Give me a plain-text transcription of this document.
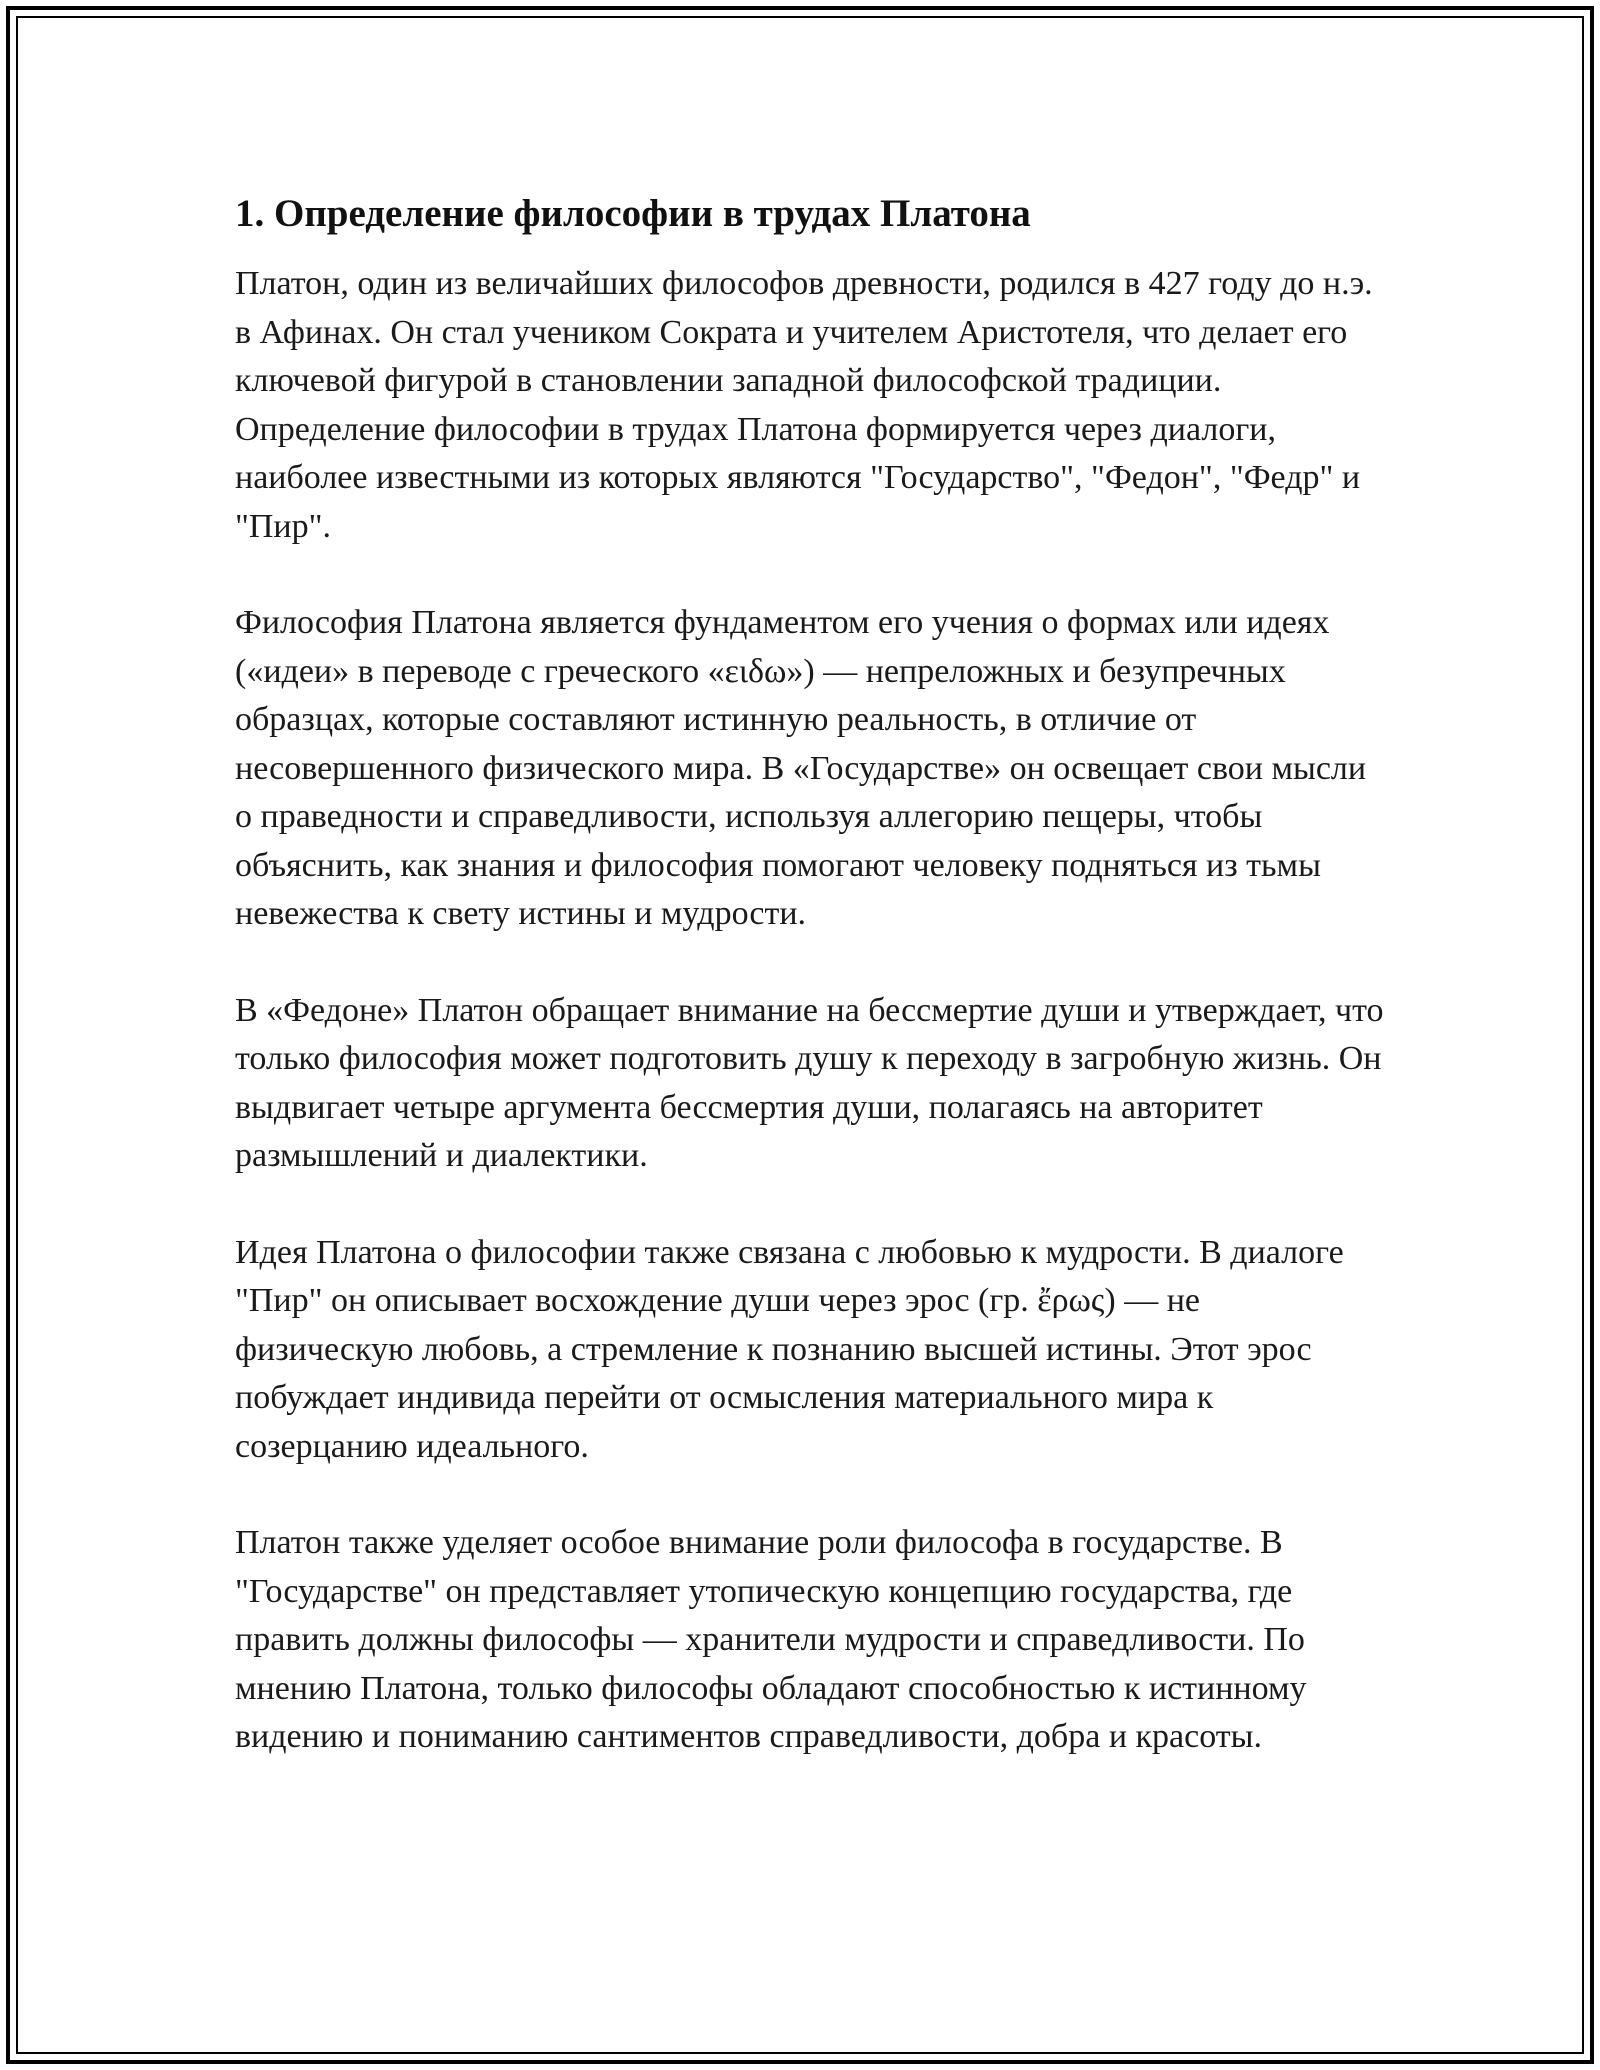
1. Определение философии в трудах Платона

Платон, один из величайших философов древности, родился в 427 году до н.э. в Афинах. Он стал учеником Сократа и учителем Аристотеля, что делает его ключевой фигурой в становлении западной философской традиции. Определение философии в трудах Платона формируется через диалоги, наиболее известными из которых являются "Государство", "Федон", "Федр" и "Пир".

Философия Платона является фундаментом его учения о формах или идеях («идеи» в переводе с греческого «ειδω») — непреложных и безупречных образцах, которые составляют истинную реальность, в отличие от несовершенного физического мира. В «Государстве» он освещает свои мысли о праведности и справедливости, используя аллегорию пещеры, чтобы объяснить, как знания и философия помогают человеку подняться из тьмы невежества к свету истины и мудрости.

В «Федоне» Платон обращает внимание на бессмертие души и утверждает, что только философия может подготовить душу к переходу в загробную жизнь. Он выдвигает четыре аргумента бессмертия души, полагаясь на авторитет размышлений и диалектики.

Идея Платона о философии также связана с любовью к мудрости. В диалоге "Пир" он описывает восхождение души через эрос (гр. ἔρως) — не физическую любовь, а стремление к познанию высшей истины. Этот эрос побуждает индивида перейти от осмысления материального мира к созерцанию идеального.

Платон также уделяет особое внимание роли философа в государстве. В "Государстве" он представляет утопическую концепцию государства, где править должны философы — хранители мудрости и справедливости. По мнению Платона, только философы обладают способностью к истинному видению и пониманию сантиментов справедливости, добра и красоты.
